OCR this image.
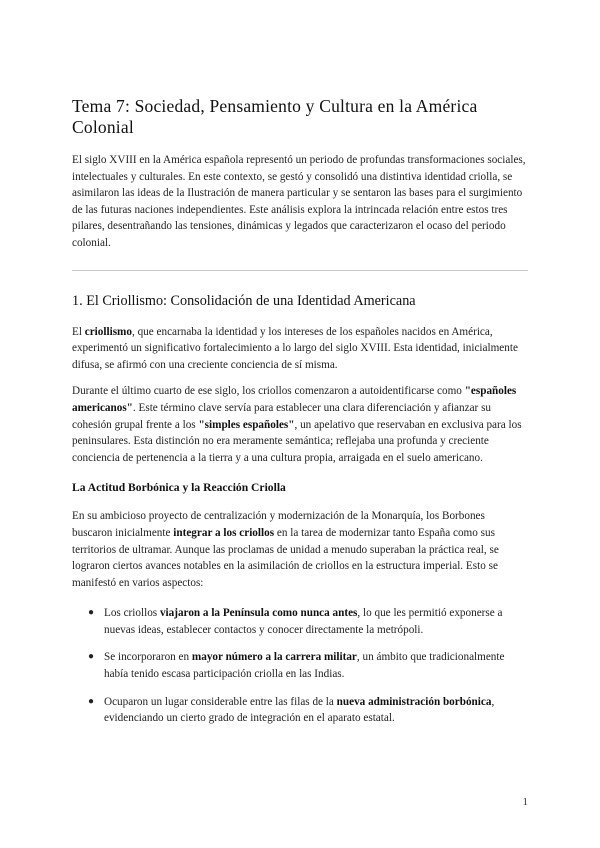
Tema 7: Sociedad, Pensamiento y Cultura en la América Colonial

El siglo XVIII en la América española representó un periodo de profundas transformaciones sociales, intelectuales y culturales. En este contexto, se gestó y consolidó una distintiva identidad criolla, se asimilaron las ideas de la Ilustración de manera particular y se sentaron las bases para el surgimiento de las futuras naciones independientes. Este análisis explora la intrincada relación entre estos tres pilares, desentrañando las tensiones, dinámicas y legados que caracterizaron el ocaso del periodo colonial.

1. El Criollismo: Consolidación de una Identidad Americana

El criollismo, que encarnaba la identidad y los intereses de los españoles nacidos en América, experimentó un significativo fortalecimiento a lo largo del siglo XVIII. Esta identidad, inicialmente difusa, se afirmó con una creciente conciencia de sí misma.

Durante el último cuarto de ese siglo, los criollos comenzaron a autoidentificarse como "españoles americanos". Este término clave servía para establecer una clara diferenciación y afianzar su cohesión grupal frente a los "simples españoles", un apelativo que reservaban en exclusiva para los peninsulares. Esta distinción no era meramente semántica; reflejaba una profunda y creciente conciencia de pertenencia a la tierra y a una cultura propia, arraigada en el suelo americano.

La Actitud Borbónica y la Reacción Criolla

En su ambicioso proyecto de centralización y modernización de la Monarquía, los Borbones buscaron inicialmente integrar a los criollos en la tarea de modernizar tanto España como sus territorios de ultramar. Aunque las proclamas de unidad a menudo superaban la práctica real, se lograron ciertos avances notables en la asimilación de criollos en la estructura imperial. Esto se manifestó en varios aspectos:

● Los criollos viajaron a la Península como nunca antes, lo que les permitió exponerse a nuevas ideas, establecer contactos y conocer directamente la metrópoli.
● Se incorporaron en mayor número a la carrera militar, un ámbito que tradicionalmente había tenido escasa participación criolla en las Indias.
● Ocuparon un lugar considerable entre las filas de la nueva administración borbónica, evidenciando un cierto grado de integración en el aparato estatal.
1
